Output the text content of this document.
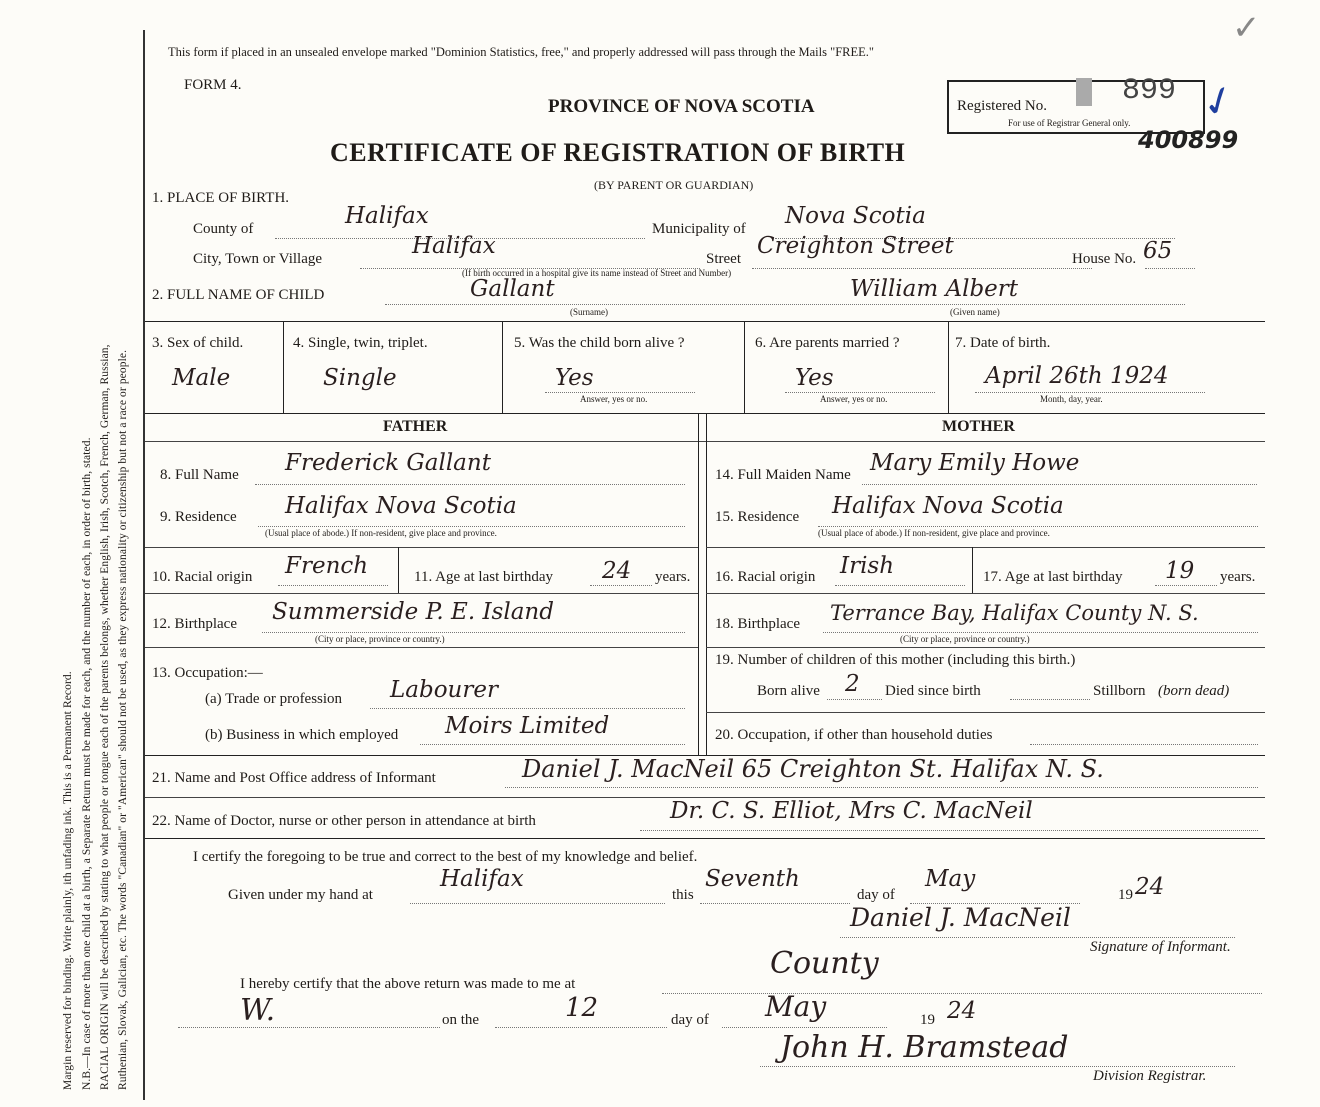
Margin reserved for binding. Write plainly, ith unfading ink. This is a Permanent Record. N.B.—In case of more than one child at a birth, a Separate Return must be made for each, and the number of each, in order of birth, stated. RACIAL ORIGIN will be described by stating to what people or tongue each of the parents belongs, whether English, Irish, Scotch, French, German, Russian, Ruthenian, Slovak, Galician, etc. The words "Canadian" or "American" should not be used, as they express nationality or citizenship but not a race or people.
This form if placed in an unsealed envelope marked "Dominion Statistics, free," and properly addressed will pass through the Mails "FREE."
FORM 4.
PROVINCE OF NOVA SCOTIA
CERTIFICATE OF REGISTRATION OF BIRTH
(BY PARENT OR GUARDIAN)
Registered No.
For use of Registrar General only.
899 ✓
✓
400899
1. PLACE OF BIRTH.
County of	Halifax	Municipality of Nova Scotia
City, Town or Village	Halifax	Street Creighton Street	House No. 65
(If birth occurred in a hospital give its name instead of Street and Number)
2. FULL NAME OF CHILD	Gallant
(Surname)
William Albert
(Given name)
3. Sex of child.
Male
4. Single, twin, triplet.
Single
5. Was the child born alive ?
Yes
Answer, yes or no.
6. Are parents married ?
Yes
Answer, yes or no.
7. Date of birth.
April 26th 1924
Month, day, year.
FATHER	MOTHER
8. Full Name Frederick Gallant	14. Full Maiden Name Mary Emily Howe
9. Residence Halifax Nova Scotia
(Usual place of abode.) If non-resident, give place and province.
15. Residence Halifax Nova Scotia
(Usual place of abode.) If non-resident, give place and province.
10. Racial origin French	11. Age at last birthday 24 years. 16. Racial origin Irish	17. Age at last birthday 19 years.
12. Birthplace Summerside P. E. Island
(City or place, province or country.)
18. Birthplace Terrance Bay, Halifax County N. S.
(City or place, province or country.)
13. Occupation:—
(a) Trade or profession Labourer
(b) Business in which employed Moirs Limited
19. Number of children of this mother (including this birth.)
Born alive 2 Died since birth	Stillborn (born dead)
20. Occupation, if other than household duties
21. Name and Post Office address of Informant	Daniel J. MacNeil 65 Creighton St. Halifax N. S.
22. Name of Doctor, nurse or other person in attendance at birth	Dr. C. S. Elliot, Mrs C. MacNeil
I certify the foregoing to be true and correct to the best of my knowledge and belief.
Given under my hand at
Halifax
this
Seventh
day of
May
19 24
Daniel J. MacNeil
Signature of Informant.
I hereby certify that the above return was made to me at
County
W.	on the	12	day of May	19 24
John H. Bramstead
Division Registrar.
